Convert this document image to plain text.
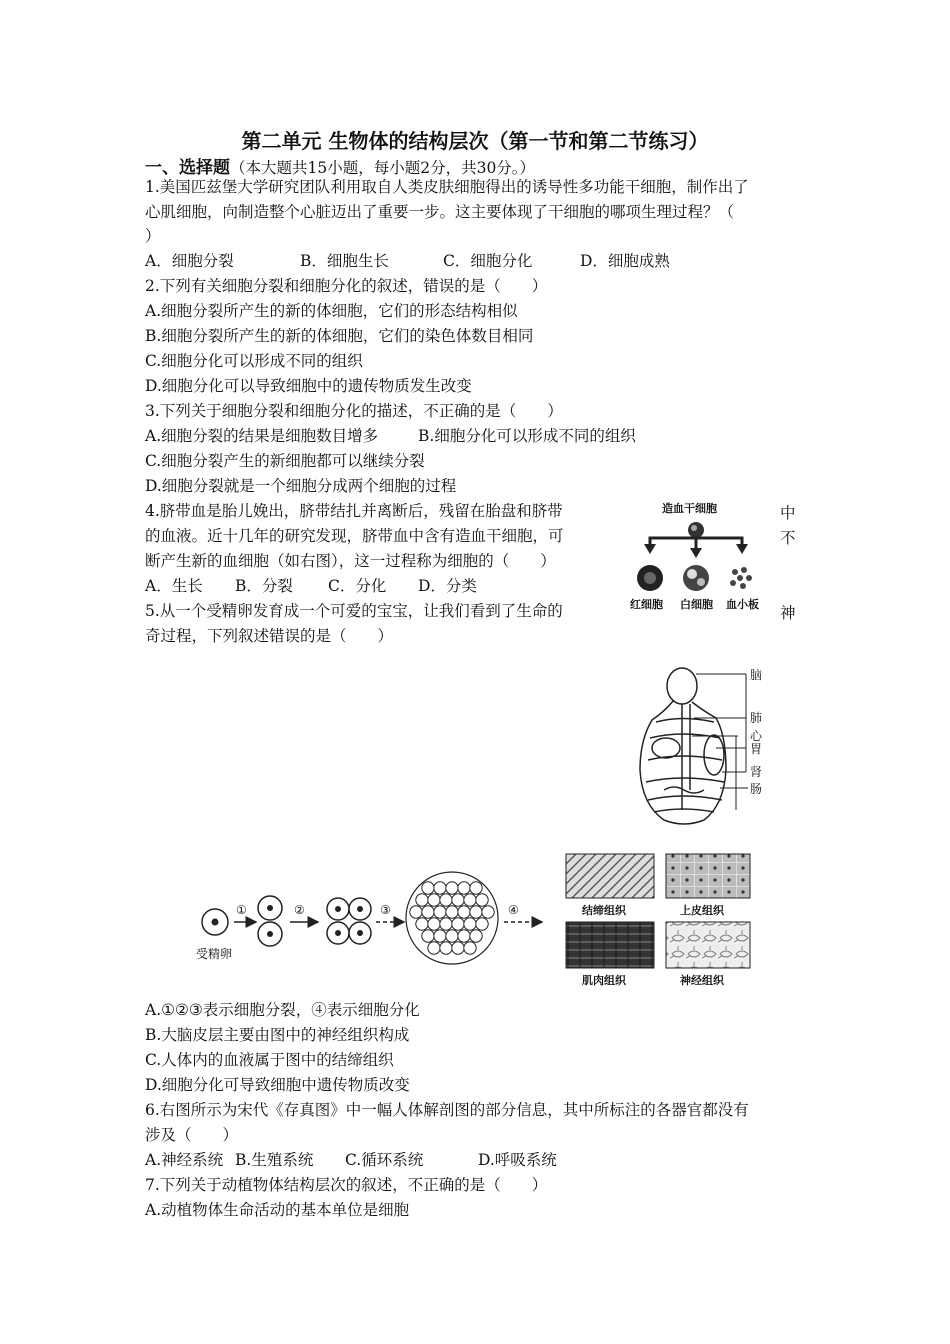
第二单元 生物体的结构层次（第一节和第二节练习）
一、选择题（本大题共15小题，每小题2分，共30分。）
1.美国匹兹堡大学研究团队利用取自人类皮肤细胞得出的诱导性多功能干细胞，制作出了
心肌细胞，向制造整个心脏迈出了重要一步。这主要体现了干细胞的哪项生理过程？（
）
A．细胞分裂	B．细胞生长	C．细胞分化	D．细胞成熟
2.下列有关细胞分裂和细胞分化的叙述，错误的是（　　）
A.细胞分裂所产生的新的体细胞，它们的形态结构相似
B.细胞分裂所产生的新的体细胞，它们的染色体数目相同
C.细胞分化可以形成不同的组织
D.细胞分化可以导致细胞中的遗传物质发生改变
3.下列关于细胞分裂和细胞分化的描述，不正确的是（　　）
A.细胞分裂的结果是细胞数目增多	B.细胞分化可以形成不同的组织
C.细胞分裂产生的新细胞都可以继续分裂
D.细胞分裂就是一个细胞分成两个细胞的过程
4.脐带血是胎儿娩出，脐带结扎并离断后，残留在胎盘和脐带	中
的血液。近十几年的研究发现，脐带血中含有造血干细胞，可	不
断产生新的血细胞（如右图），这一过程称为细胞的（　　）
A．生长 B．分裂 C．分化 D．分类
造血干细胞
红细胞 白细胞 血小板
5.从一个受精卵发育成一个可爱的宝宝，让我们看到了生命的	神
奇过程，下列叙述错误的是（　　）
脑
肺
心
胃
肾
肠
受精卵
①	②	③	④	结缔组织	上皮组织
肌肉组织	神经组织
A.①②③表示细胞分裂，④表示细胞分化
B.大脑皮层主要由图中的神经组织构成
C.人体内的血液属于图中的结缔组织
D.细胞分化可导致细胞中遗传物质改变
6.右图所示为宋代《存真图》中一幅人体解剖图的部分信息，其中所标注的各器官都没有
涉及（　　）
A.神经系统 B.生殖系统 C.循环系统	D.呼吸系统
7.下列关于动植物体结构层次的叙述，不正确的是（　　）
A.动植物体生命活动的基本单位是细胞
